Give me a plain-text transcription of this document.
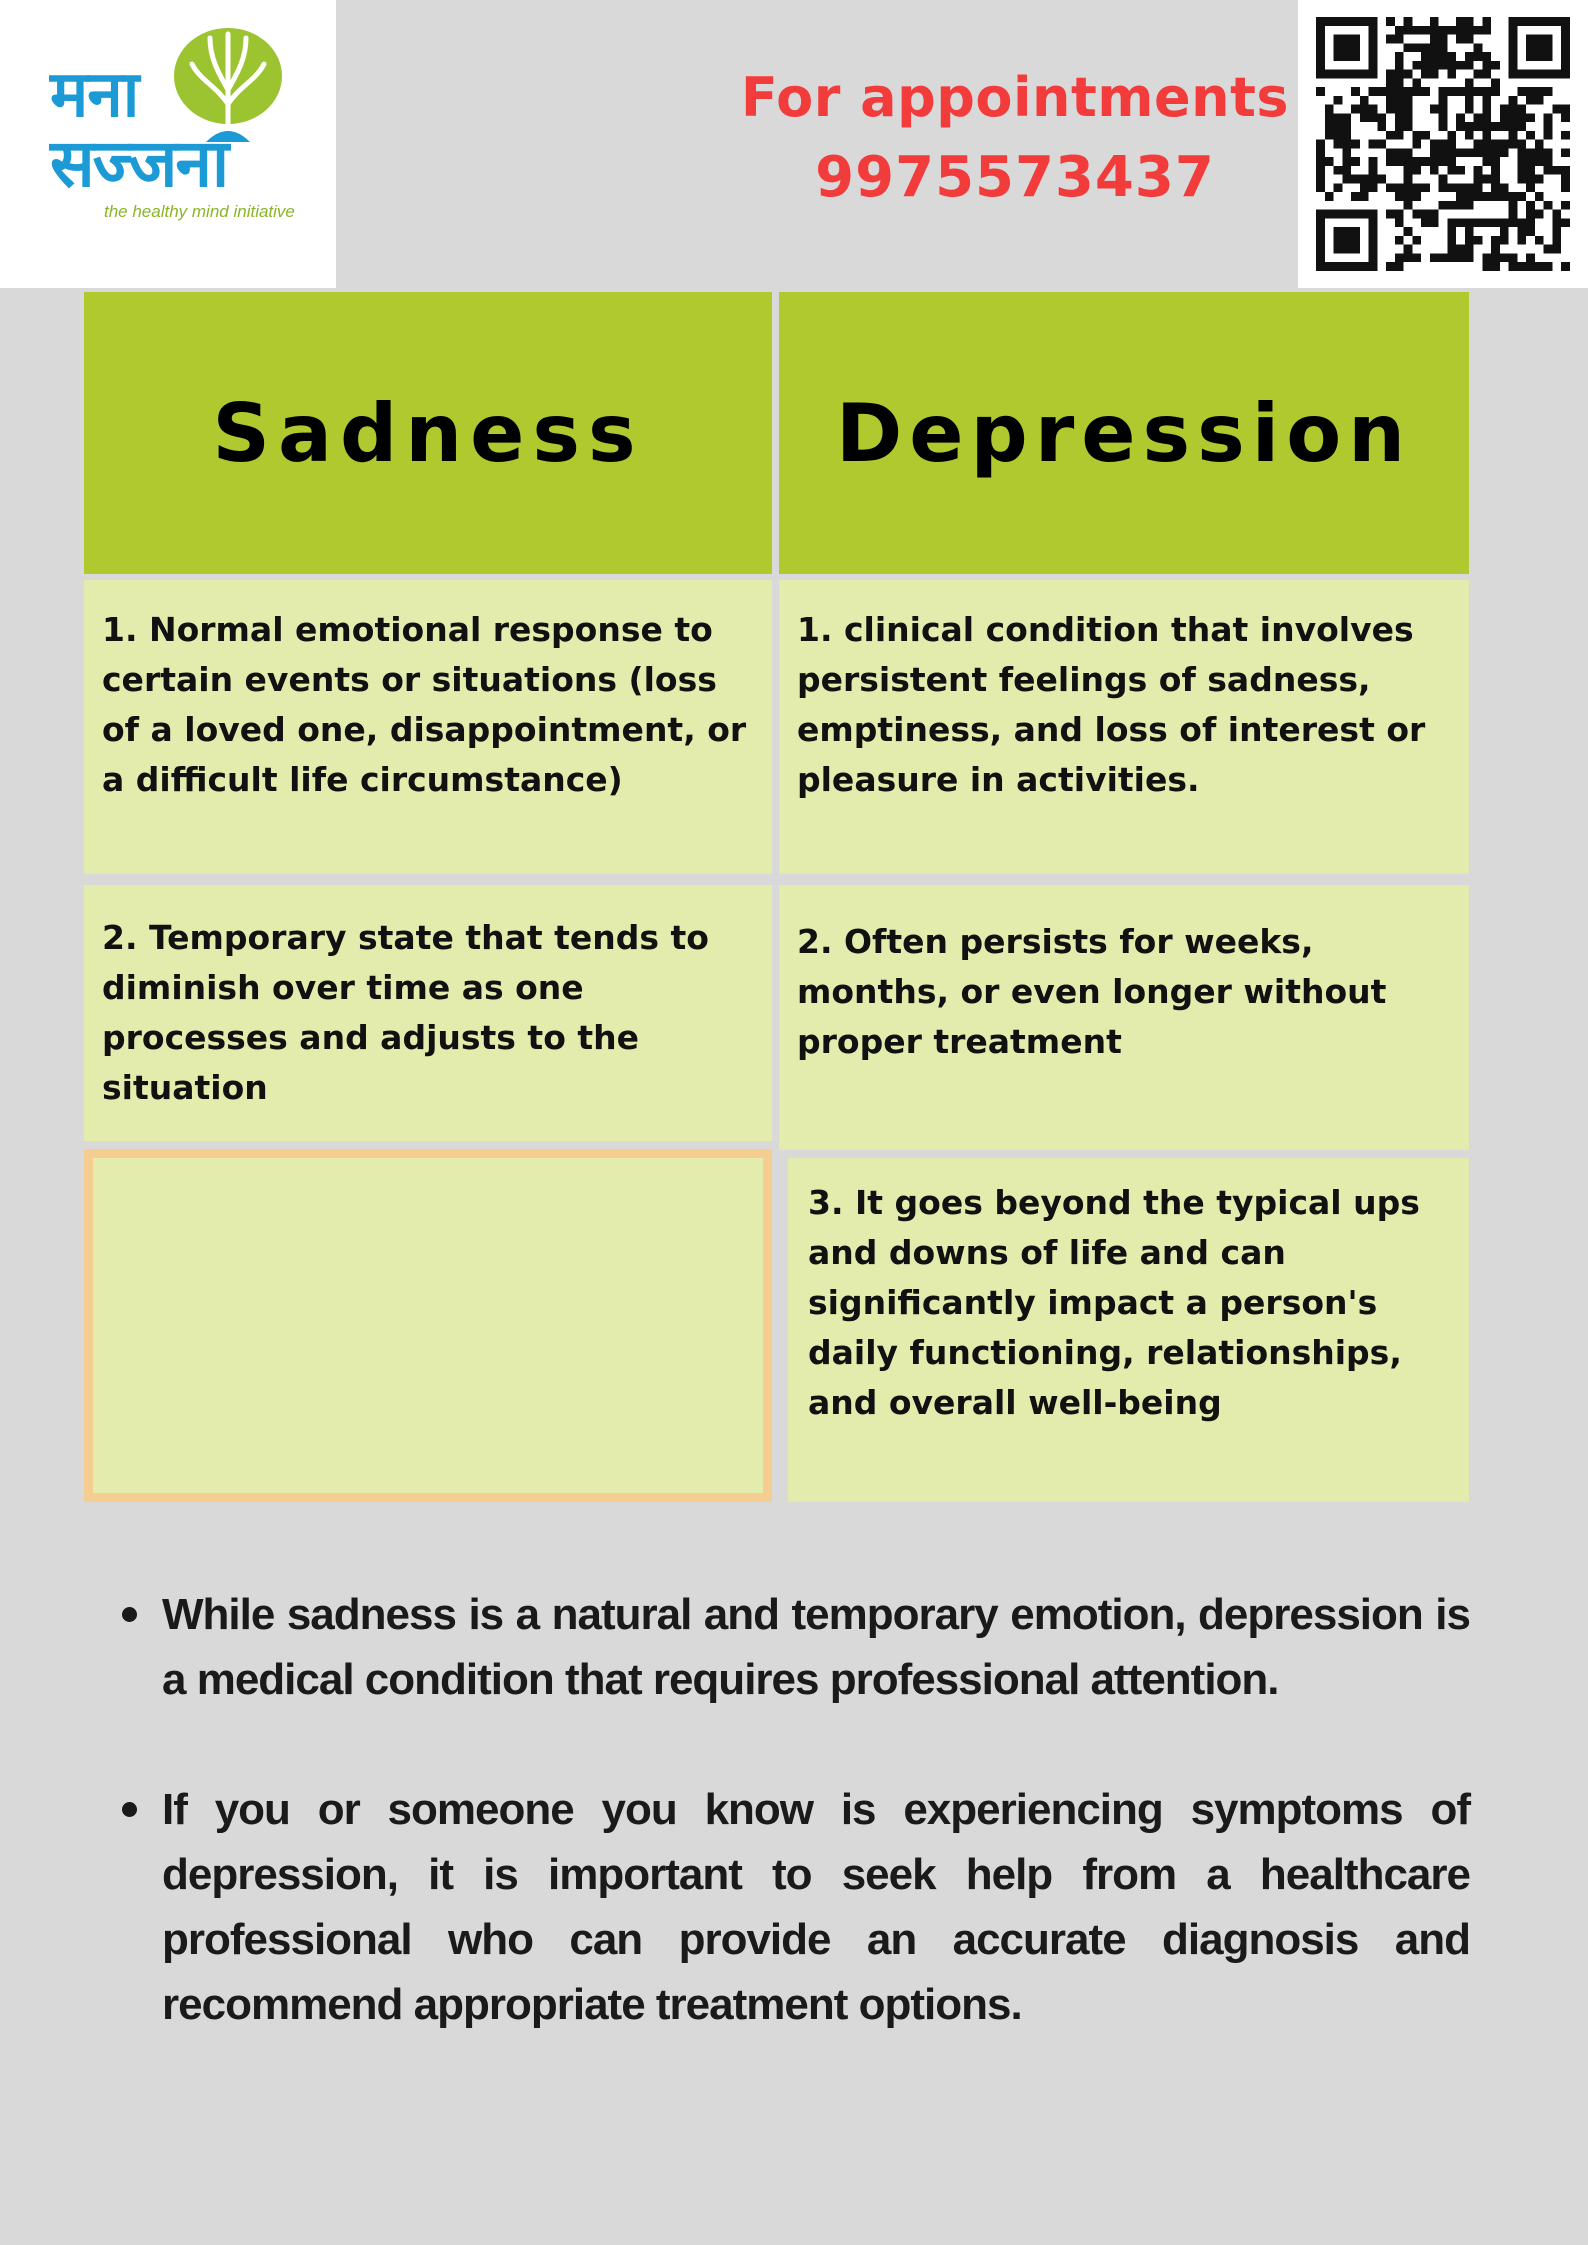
मना
सज्जना
the healthy mind initiative
For appointments
9975573437
Sadness	Depression
1. Normal emotional response to certain events or situations (loss of a loved one, disappointment, or a difficult life circumstance)
1. clinical condition that involves persistent feelings of sadness, emptiness, and loss of interest or pleasure in activities.
2. Temporary state that tends to diminish over time as one processes and adjusts to the situation
2. Often persists for weeks, months, or even longer without proper treatment
3. It goes beyond the typical ups and downs of life and can significantly impact a person's daily functioning, relationships, and overall well-being
While sadness is a natural and temporary emotion, depression is a medical condition that requires professional attention.
If you or someone you know is experiencing symptoms of depression, it is important to seek help from a healthcare professional who can provide an accurate diagnosis and recommend appropriate treatment options.
